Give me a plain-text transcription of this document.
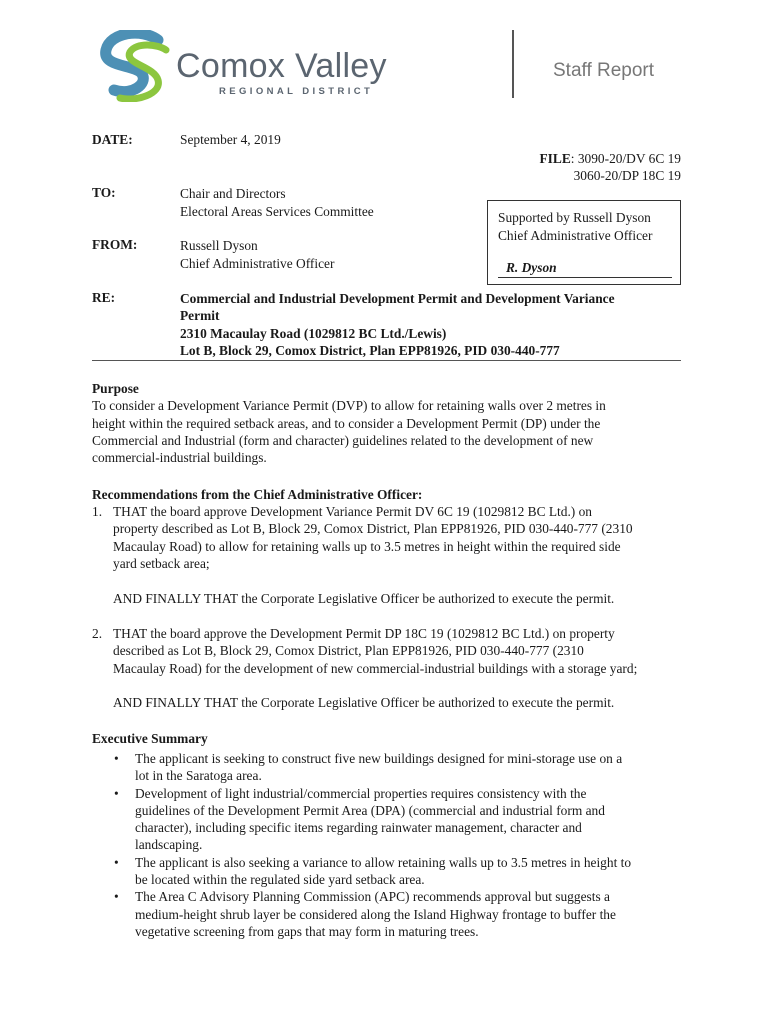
Comox Valley
REGIONAL DISTRICT
Staff Report
DATE:	September 4, 2019
FILE: 3090-20/DV 6C 19
3060-20/DP 18C 19
TO:	Chair and Directors
Electoral Areas Services Committee
FROM:	Russell Dyson
Chief Administrative Officer
Supported by Russell Dyson
Chief Administrative Officer
R. Dyson
RE:	Commercial and Industrial Development Permit and Development Variance
Permit
2310 Macaulay Road (1029812 BC Ltd./Lewis)
Lot B, Block 29, Comox District, Plan EPP81926, PID 030-440-777
Purpose
To consider a Development Variance Permit (DVP) to allow for retaining walls over 2 metres in
height within the required setback areas, and to consider a Development Permit (DP) under the
Commercial and Industrial (form and character) guidelines related to the development of new
commercial-industrial buildings.
Recommendations from the Chief Administrative Officer:
1. THAT the board approve Development Variance Permit DV 6C 19 (1029812 BC Ltd.) on
property described as Lot B, Block 29, Comox District, Plan EPP81926, PID 030-440-777 (2310
Macaulay Road) to allow for retaining walls up to 3.5 metres in height within the required side
yard setback area;
AND FINALLY THAT the Corporate Legislative Officer be authorized to execute the permit.
2. THAT the board approve the Development Permit DP 18C 19 (1029812 BC Ltd.) on property
described as Lot B, Block 29, Comox District, Plan EPP81926, PID 030-440-777 (2310
Macaulay Road) for the development of new commercial-industrial buildings with a storage yard;
AND FINALLY THAT the Corporate Legislative Officer be authorized to execute the permit.
Executive Summary
• The applicant is seeking to construct five new buildings designed for mini-storage use on a
lot in the Saratoga area.
• Development of light industrial/commercial properties requires consistency with the
guidelines of the Development Permit Area (DPA) (commercial and industrial form and
character), including specific items regarding rainwater management, character and
landscaping.
• The applicant is also seeking a variance to allow retaining walls up to 3.5 metres in height to
be located within the regulated side yard setback area.
• The Area C Advisory Planning Commission (APC) recommends approval but suggests a
medium-height shrub layer be considered along the Island Highway frontage to buffer the
vegetative screening from gaps that may form in maturing trees.
